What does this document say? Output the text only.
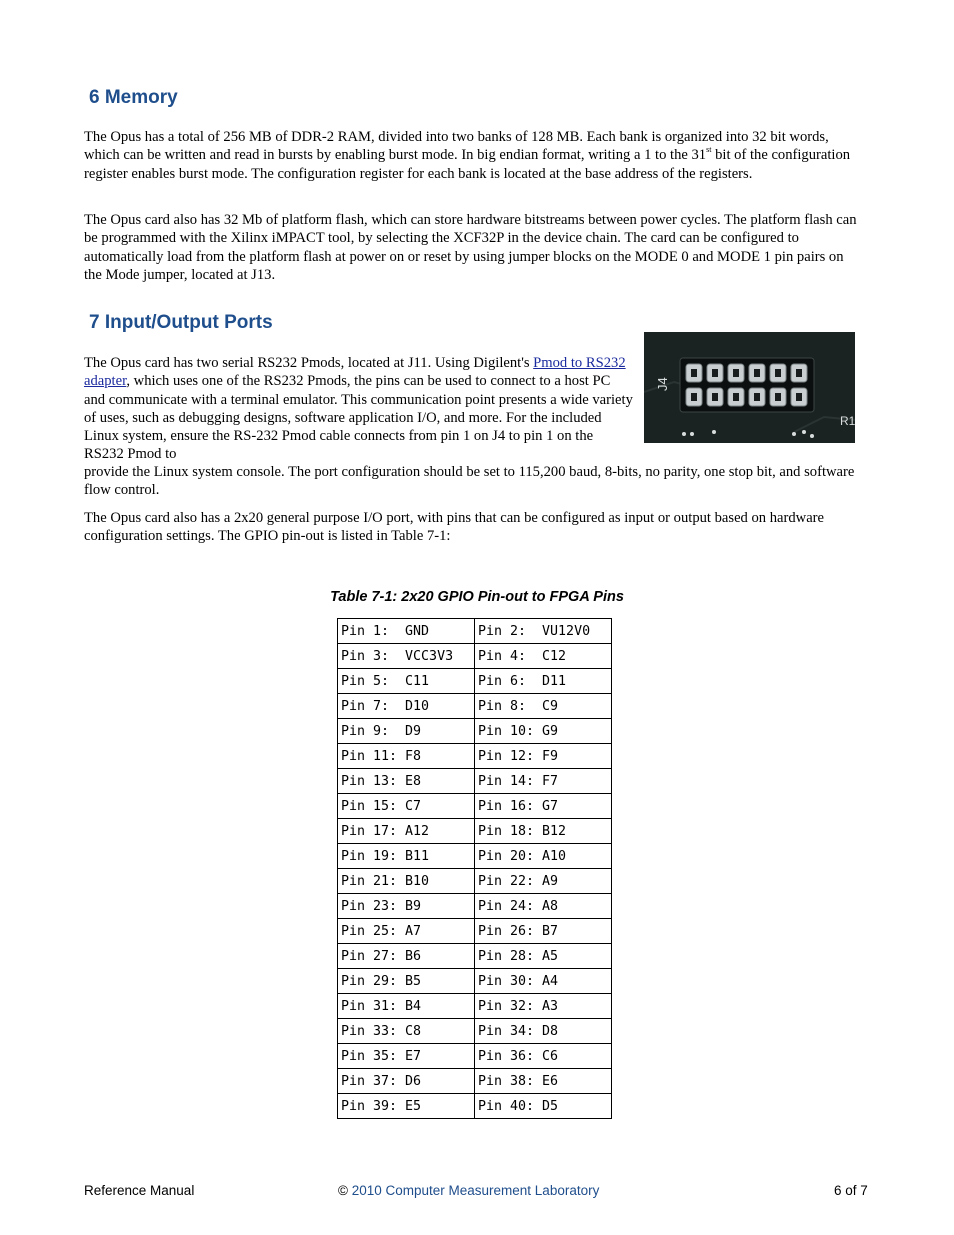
6 Memory

The Opus has a total of 256 MB of DDR-2 RAM, divided into two banks of 128 MB. Each bank is organized into 32 bit words, which can be written and read in bursts by enabling burst mode. In big endian format, writing a 1 to the 31st bit of the configuration register enables burst mode. The configuration register for each bank is located at the base address of the registers.

The Opus card also has 32 Mb of platform flash, which can store hardware bitstreams between power cycles. The platform flash can be programmed with the Xilinx iMPACT tool, by selecting the XCF32P in the device chain. The card can be configured to automatically load from the platform flash at power on or reset by using jumper blocks on the MODE 0 and MODE 1 pin pairs on the Mode jumper, located at J13.

7 Input/Output Ports
J4
R1

The Opus card has two serial RS232 Pmods, located at J11. Using Digilent's Pmod to RS232 adapter, which uses one of the RS232 Pmods, the pins can be used to connect to a host PC and communicate with a terminal emulator. This communication point presents a wide variety of uses, such as debugging designs, software application I/O, and more. For the included Linux system, ensure the RS-232 Pmod cable connects from pin 1 on J4 to pin 1 on the RS232 Pmod to

provide the Linux system console. The port configuration should be set to 115,200 baud, 8-bits, no parity, one stop bit, and software flow control.

The Opus card also has a 2x20 general purpose I/O port, with pins that can be configured as input or output based on hardware configuration settings. The GPIO pin-out is listed in Table 7-1:

Table 7-1: 2x20 GPIO Pin-out to FPGA Pins

Pin 1:  GND	Pin 2:  VU12V0
Pin 3:  VCC3V3	Pin 4:  C12
Pin 5:  C11	Pin 6:  D11
Pin 7:  D10	Pin 8:  C9
Pin 9:  D9	Pin 10: G9
Pin 11: F8	Pin 12: F9
Pin 13: E8	Pin 14: F7
Pin 15: C7	Pin 16: G7
Pin 17: A12	Pin 18: B12
Pin 19: B11	Pin 20: A10
Pin 21: B10	Pin 22: A9
Pin 23: B9	Pin 24: A8
Pin 25: A7	Pin 26: B7
Pin 27: B6	Pin 28: A5
Pin 29: B5	Pin 30: A4
Pin 31: B4	Pin 32: A3
Pin 33: C8	Pin 34: D8
Pin 35: E7	Pin 36: C6
Pin 37: D6	Pin 38: E6
Pin 39: E5	Pin 40: D5

Reference Manual	© 2010 Computer Measurement Laboratory	6 of 7
